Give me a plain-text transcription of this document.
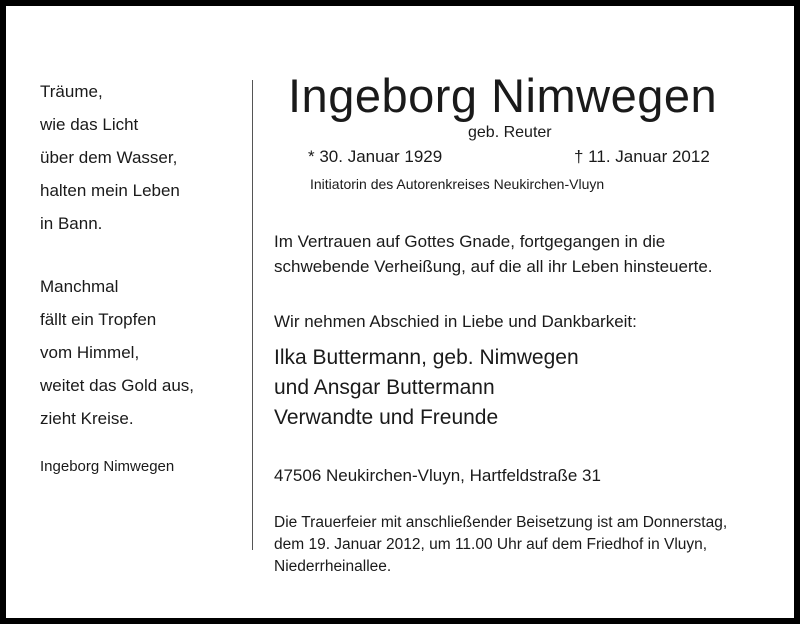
Träume,
wie das Licht
über dem Wasser,
halten mein Leben
in Bann.
Manchmal
fällt ein Tropfen
vom Himmel,
weitet das Gold aus,
zieht Kreise.
Ingeborg Nimwegen
Ingeborg Nimwegen
geb. Reuter
* 30. Januar 1929	† 11. Januar 2012
Initiatorin des Autorenkreises Neukirchen-Vluyn
Im Vertrauen auf Gottes Gnade, fortgegangen in die
schwebende Verheißung, auf die all ihr Leben hinsteuerte.
Wir nehmen Abschied in Liebe und Dankbarkeit:
Ilka Buttermann, geb. Nimwegen
und Ansgar Buttermann
Verwandte und Freunde
47506 Neukirchen-Vluyn, Hartfeldstraße 31
Die Trauerfeier mit anschließender Beisetzung ist am Donnerstag,
dem 19. Januar 2012, um 11.00 Uhr auf dem Friedhof in Vluyn,
Niederrheinallee.
